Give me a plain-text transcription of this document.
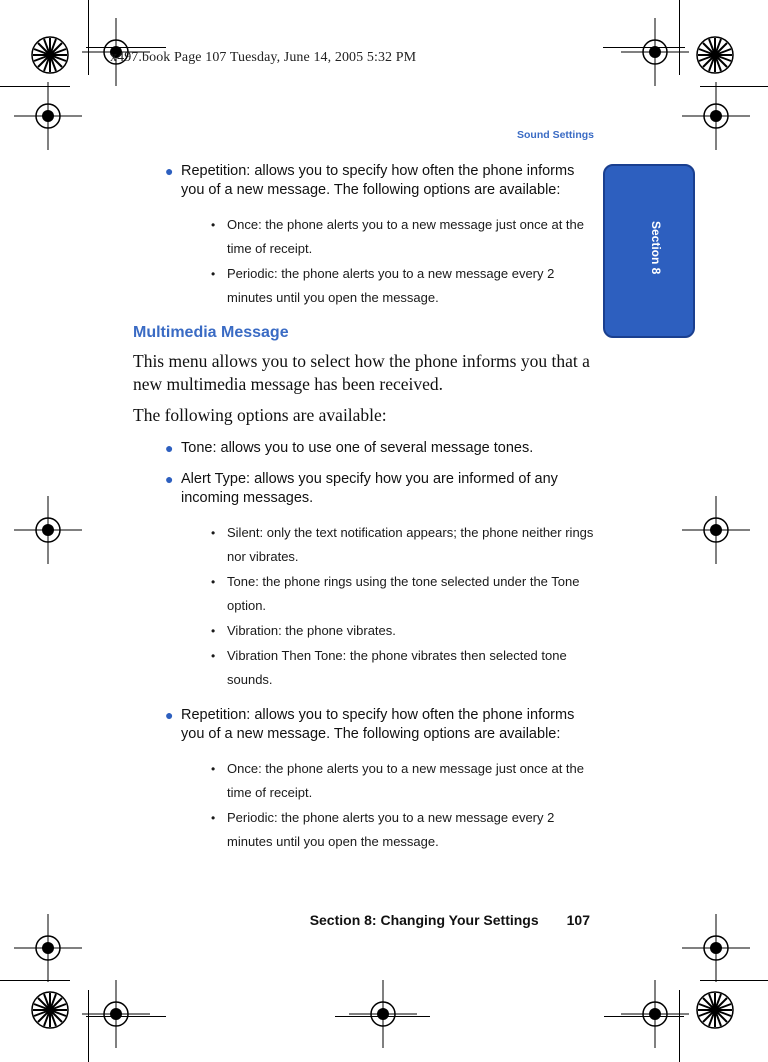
x497.book Page 107 Tuesday, June 14, 2005 5:32 PM
Sound Settings
Section 8
● Repetition: allows you to specify how often the phone informs
you of a new message. The following options are available:
• Once: the phone alerts you to a new message just once at the
time of receipt.
• Periodic: the phone alerts you to a new message every 2
minutes until you open the message.
Multimedia Message
This menu allows you to select how the phone informs you that a new multimedia message has been received.
The following options are available:
● Tone: allows you to use one of several message tones.
● Alert Type: allows you specify how you are informed of any
incoming messages.
• Silent: only the text notification appears; the phone neither rings
nor vibrates.
• Tone: the phone rings using the tone selected under the Tone
option.
• Vibration: the phone vibrates.
• Vibration Then Tone: the phone vibrates then selected tone
sounds.
● Repetition: allows you to specify how often the phone informs
you of a new message. The following options are available:
• Once: the phone alerts you to a new message just once at the
time of receipt.
• Periodic: the phone alerts you to a new message every 2
minutes until you open the message.
Section 8: Changing Your Settings 107
